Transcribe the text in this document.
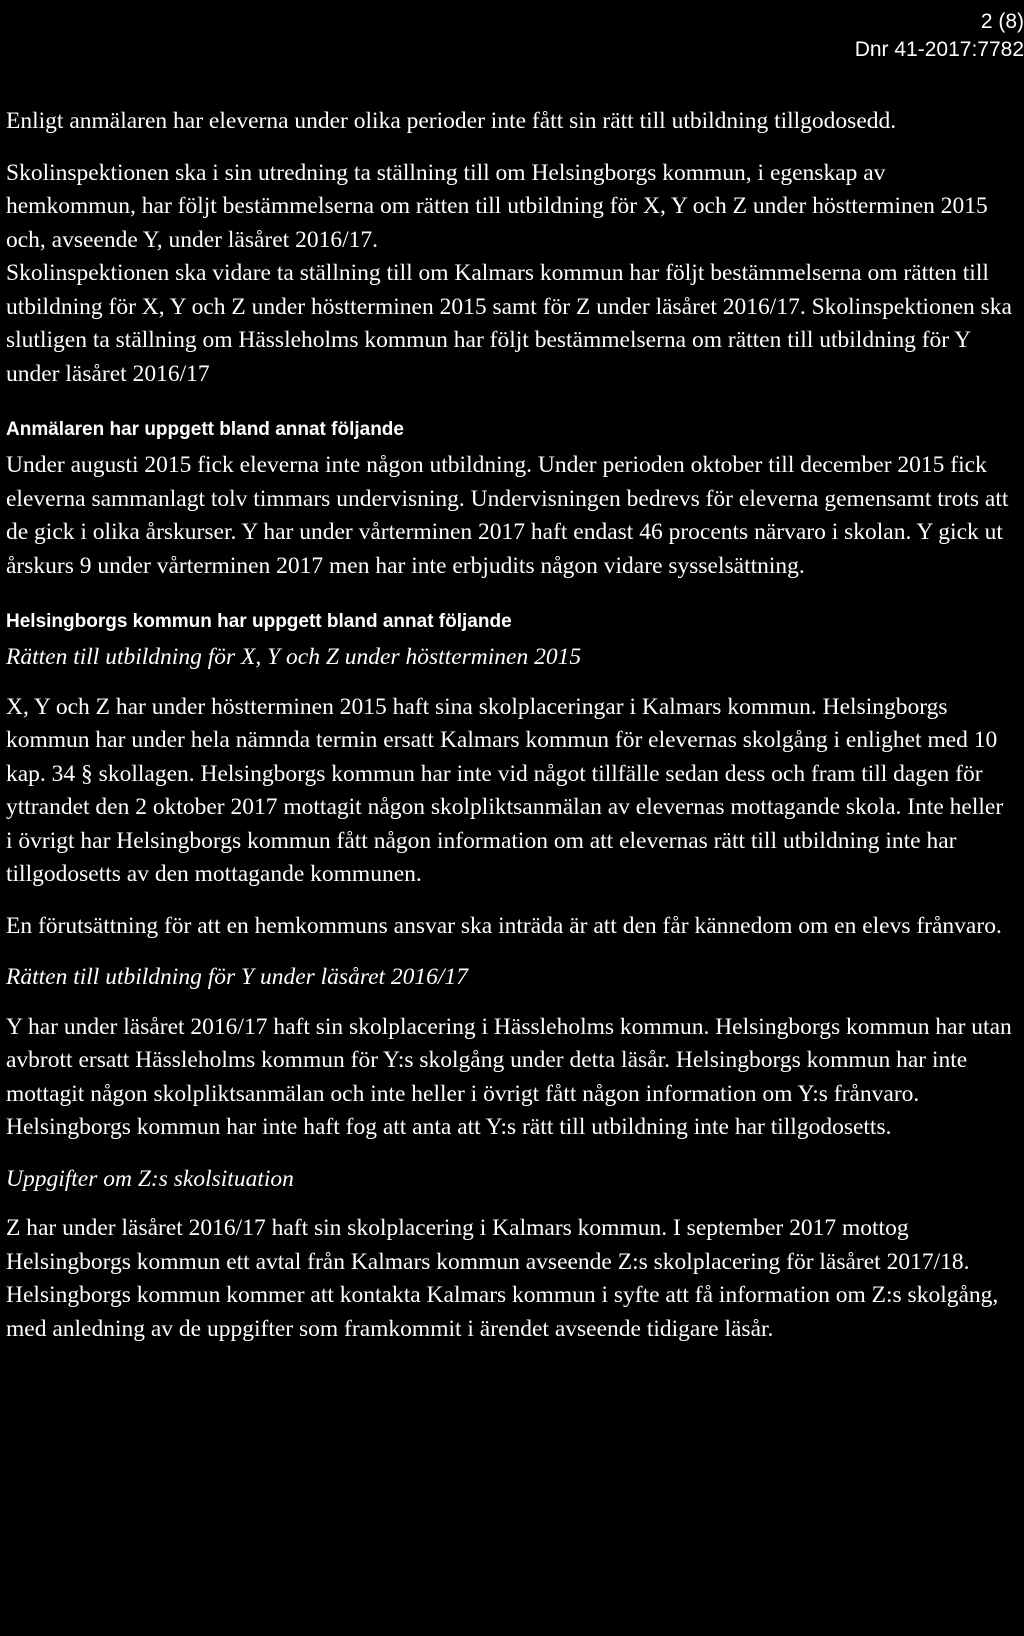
2 (8)
Dnr 41-2017:7782

Enligt anmälaren har eleverna under olika perioder inte fått sin rätt till utbildning tillgodosedd.

Skolinspektionen ska i sin utredning ta ställning till om Helsingborgs kommun, i egenskap av hemkommun, har följt bestämmelserna om rätten till utbildning för X, Y och Z under höstterminen 2015 och, avseende Y, under läsåret 2016/17.

Skolinspektionen ska vidare ta ställning till om Kalmars kommun har följt bestämmelserna om rätten till utbildning för X, Y och Z under höstterminen 2015 samt för Z under läsåret 2016/17. Skolinspektionen ska slutligen ta ställning om Hässleholms kommun har följt bestämmelserna om rätten till utbildning för Y under läsåret 2016/17

Anmälaren har uppgett bland annat följande

Under augusti 2015 fick eleverna inte någon utbildning. Under perioden oktober till december 2015 fick eleverna sammanlagt tolv timmars undervisning. Undervisningen bedrevs för eleverna gemensamt trots att de gick i olika årskurser. Y har under vårterminen 2017 haft endast 46 procents närvaro i skolan. Y gick ut årskurs 9 under vårterminen 2017 men har inte erbjudits någon vidare sysselsättning.

Helsingborgs kommun har uppgett bland annat följande
Rätten till utbildning för X, Y och Z under höstterminen 2015

X, Y och Z har under höstterminen 2015 haft sina skolplaceringar i Kalmars kommun. Helsingborgs kommun har under hela nämnda termin ersatt Kalmars kommun för elevernas skolgång i enlighet med 10 kap. 34 § skollagen. Helsingborgs kommun har inte vid något tillfälle sedan dess och fram till dagen för yttrandet den 2 oktober 2017 mottagit någon skolpliktsanmälan av elevernas mottagande skola. Inte heller i övrigt har Helsingborgs kommun fått någon information om att elevernas rätt till utbildning inte har tillgodosetts av den mottagande kommunen.

En förutsättning för att en hemkommuns ansvar ska inträda är att den får kännedom om en elevs frånvaro.

Rätten till utbildning för Y under läsåret 2016/17

Y har under läsåret 2016/17 haft sin skolplacering i Hässleholms kommun. Helsingborgs kommun har utan avbrott ersatt Hässleholms kommun för Y:s skolgång under detta läsår. Helsingborgs kommun har inte mottagit någon skolpliktsanmälan och inte heller i övrigt fått någon information om Y:s frånvaro. Helsingborgs kommun har inte haft fog att anta att Y:s rätt till utbildning inte har tillgodosetts.

Uppgifter om Z:s skolsituation

Z har under läsåret 2016/17 haft sin skolplacering i Kalmars kommun. I september 2017 mottog Helsingborgs kommun ett avtal från Kalmars kommun avseende Z:s skolplacering för läsåret 2017/18. Helsingborgs kommun kommer att kontakta Kalmars kommun i syfte att få information om Z:s skolgång, med anledning av de uppgifter som framkommit i ärendet avseende tidigare läsår.
